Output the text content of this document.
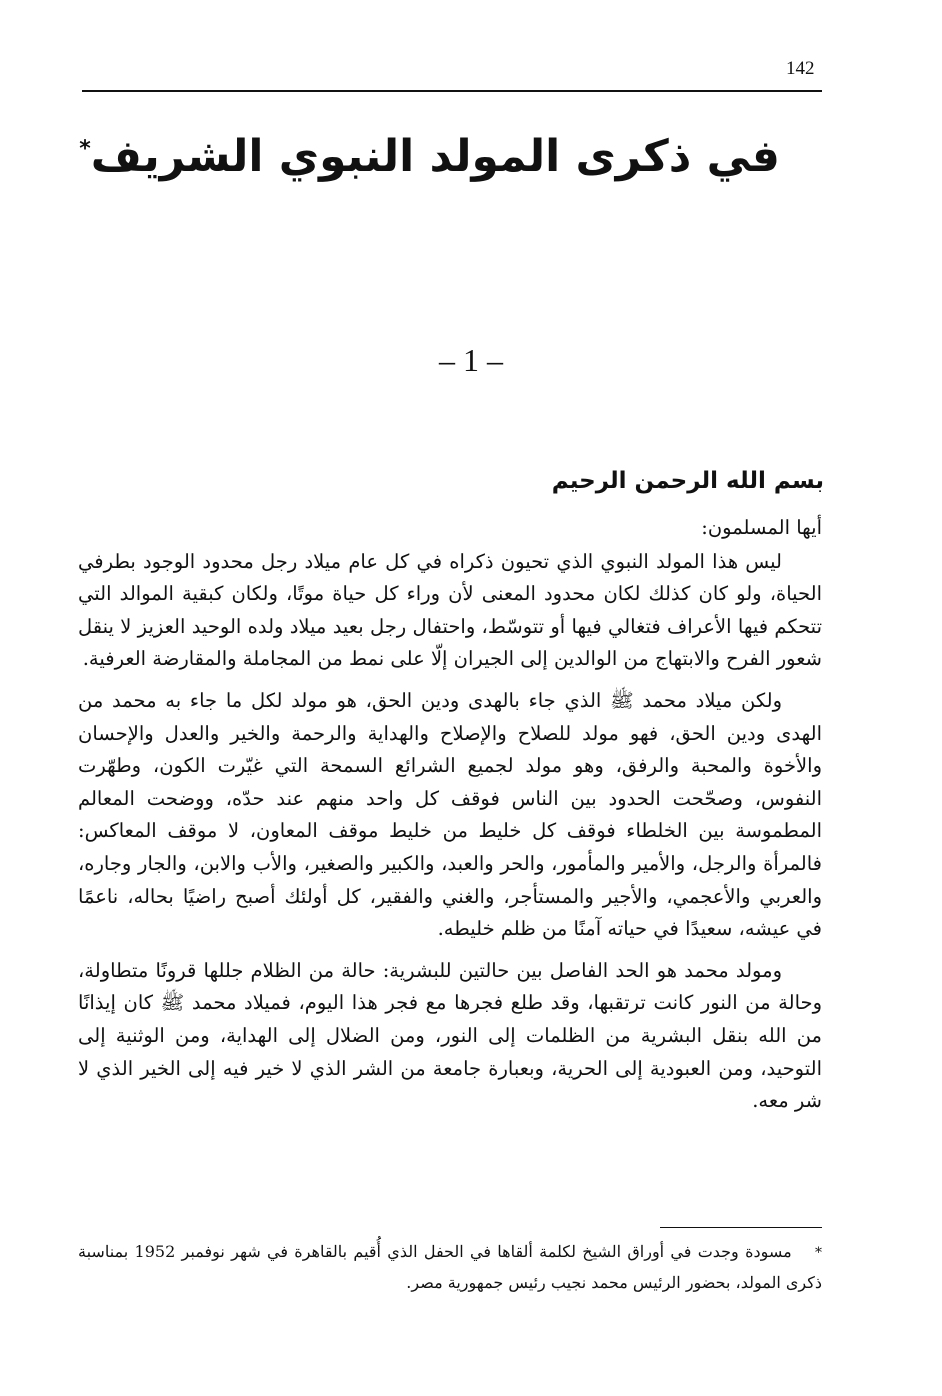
142
في ذكرى المولد النبوي الشريف*
– 1 –
بسم الله الرحمن الرحيم

أيها المسلمون:

ليس هذا المولد النبوي الذي تحيون ذكراه في كل عام ميلاد رجل محدود الوجود بطرفي الحياة، ولو كان كذلك لكان محدود المعنى لأن وراء كل حياة موتًا، ولكان كبقية الموالد التي تتحكم فيها الأعراف فتغالي فيها أو تتوسّط، واحتفال رجل بعيد ميلاد ولده الوحيد العزيز لا ينقل شعور الفرح والابتهاج من الوالدين إلى الجيران إلّا على نمط من المجاملة والمقارضة العرفية.

ولكن ميلاد محمد ﷺ الذي جاء بالهدى ودين الحق، هو مولد لكل ما جاء به محمد من الهدى ودين الحق، فهو مولد للصلاح والإصلاح والهداية والرحمة والخير والعدل والإحسان والأخوة والمحبة والرفق، وهو مولد لجميع الشرائع السمحة التي غيّرت الكون، وطهّرت النفوس، وصحّحت الحدود بين الناس فوقف كل واحد منهم عند حدّه، ووضحت المعالم المطموسة بين الخلطاء فوقف كل خليط من خليط موقف المعاون، لا موقف المعاكس: فالمرأة والرجل، والأمير والمأمور، والحر والعبد، والكبير والصغير، والأب والابن، والجار وجاره، والعربي والأعجمي، والأجير والمستأجر، والغني والفقير، كل أولئك أصبح راضيًا بحاله، ناعمًا في عيشه، سعيدًا في حياته آمنًا من ظلم خليطه.

ومولد محمد هو الحد الفاصل بين حالتين للبشرية: حالة من الظلام جللها قرونًا متطاولة، وحالة من النور كانت ترتقبها، وقد طلع فجرها مع فجر هذا اليوم، فميلاد محمد ﷺ كان إيذانًا من الله بنقل البشرية من الظلمات إلى النور، ومن الضلال إلى الهداية، ومن الوثنية إلى التوحيد، ومن العبودية إلى الحرية، وبعبارة جامعة من الشر الذي لا خير فيه إلى الخير الذي لا شر معه.

* مسودة وجدت في أوراق الشيخ لكلمة ألقاها في الحفل الذي أُقيم بالقاهرة في شهر نوفمبر 1952 بمناسبة ذكرى المولد، بحضور الرئيس محمد نجيب رئيس جمهورية مصر.
